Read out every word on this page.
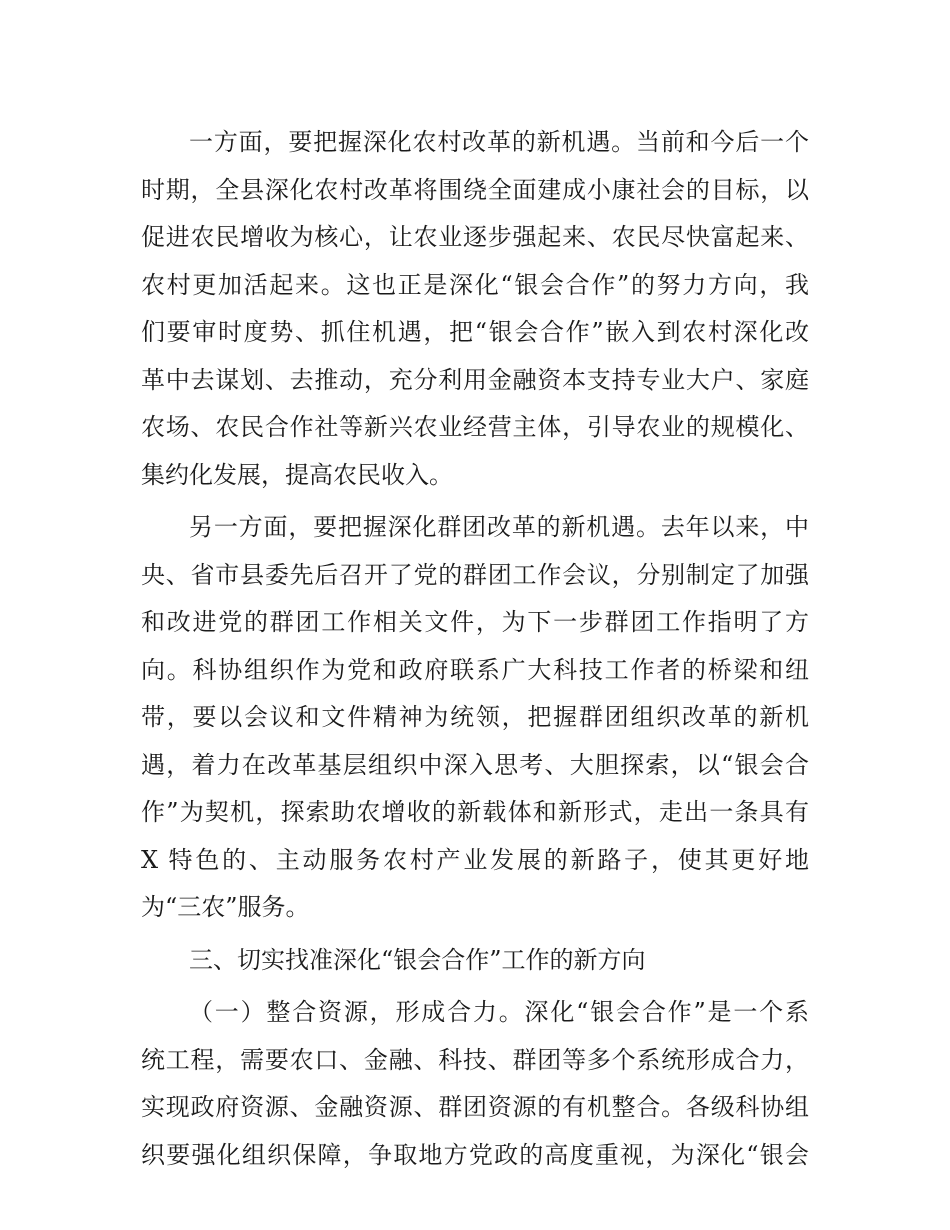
一方面，要把握深化农村改革的新机遇。当前和今后一个
时期，全县深化农村改革将围绕全面建成小康社会的目标，以
促进农民增收为核心，让农业逐步强起来、农民尽快富起来、
农村更加活起来。这也正是深化“银会合作”的努力方向，我
们要审时度势、抓住机遇，把“银会合作”嵌入到农村深化改
革中去谋划、去推动，充分利用金融资本支持专业大户、家庭
农场、农民合作社等新兴农业经营主体，引导农业的规模化、
集约化发展，提高农民收入。
另一方面，要把握深化群团改革的新机遇。去年以来，中
央、省市县委先后召开了党的群团工作会议，分别制定了加强
和改进党的群团工作相关文件，为下一步群团工作指明了方
向。科协组织作为党和政府联系广大科技工作者的桥梁和纽
带，要以会议和文件精神为统领，把握群团组织改革的新机
遇，着力在改革基层组织中深入思考、大胆探索，以“银会合
作”为契机，探索助农增收的新载体和新形式，走出一条具有
X 特色的、主动服务农村产业发展的新路子，使其更好地
为“三农”服务。
三、切实找准深化“银会合作”工作的新方向
（一）整合资源，形成合力。深化“银会合作”是一个系
统工程，需要农口、金融、科技、群团等多个系统形成合力，
实现政府资源、金融资源、群团资源的有机整合。各级科协组
织要强化组织保障，争取地方党政的高度重视，为深化“银会
